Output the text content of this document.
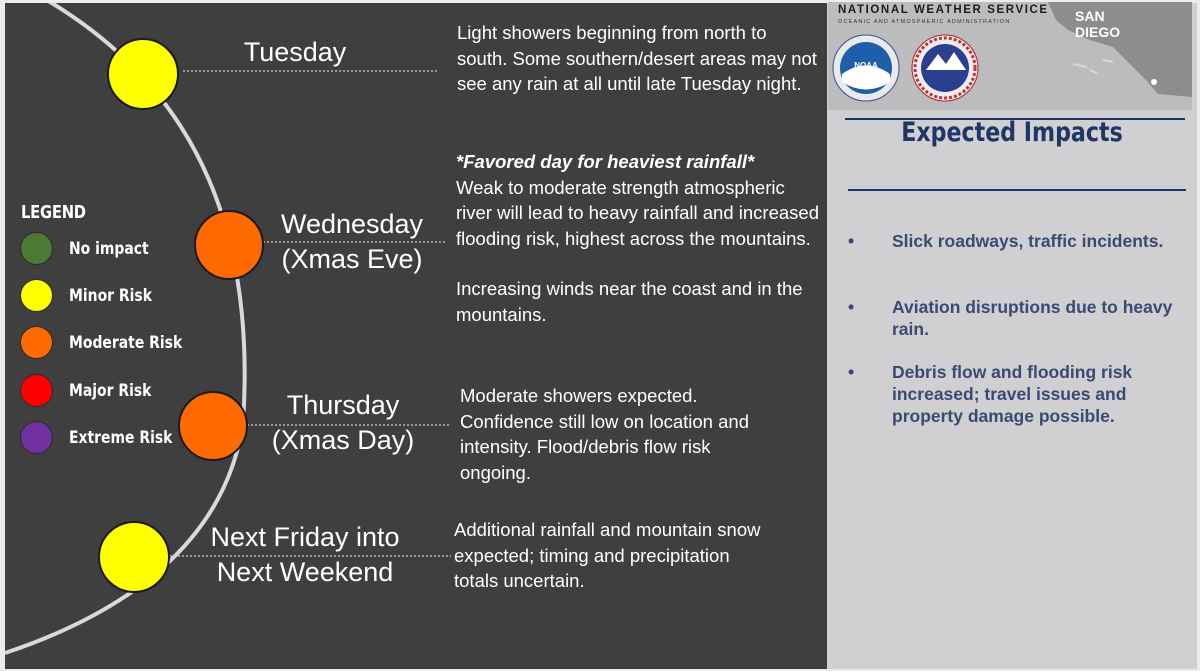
Tuesday
Wednesday
(Xmas Eve)
Thursday
(Xmas Day)
Next Friday into
Next Weekend
Light showers beginning from north to south. Some southern/desert areas may not see any rain at all until late Tuesday night.
*Favored day for heaviest rainfall*
Weak to moderate strength atmospheric river will lead to heavy rainfall and increased flooding risk, highest across the mountains.
Increasing winds near the coast and in the mountains.
Moderate showers expected. Confidence still low on location and intensity. Flood/debris flow risk ongoing.
Additional rainfall and mountain snow expected; timing and precipitation totals uncertain.
LEGEND
No impact
Minor Risk
Moderate Risk
Major Risk
Extreme Risk
NOAA
NATIONAL WEATHER SERVICE
OCEANIC AND ATMOSPHERIC ADMINISTRATION	SAN DIEGO
Expected Impacts
• Slick roadways, traffic incidents.
• Aviation disruptions due to heavy rain.
• Debris flow and flooding risk increased; travel issues and property damage possible.
